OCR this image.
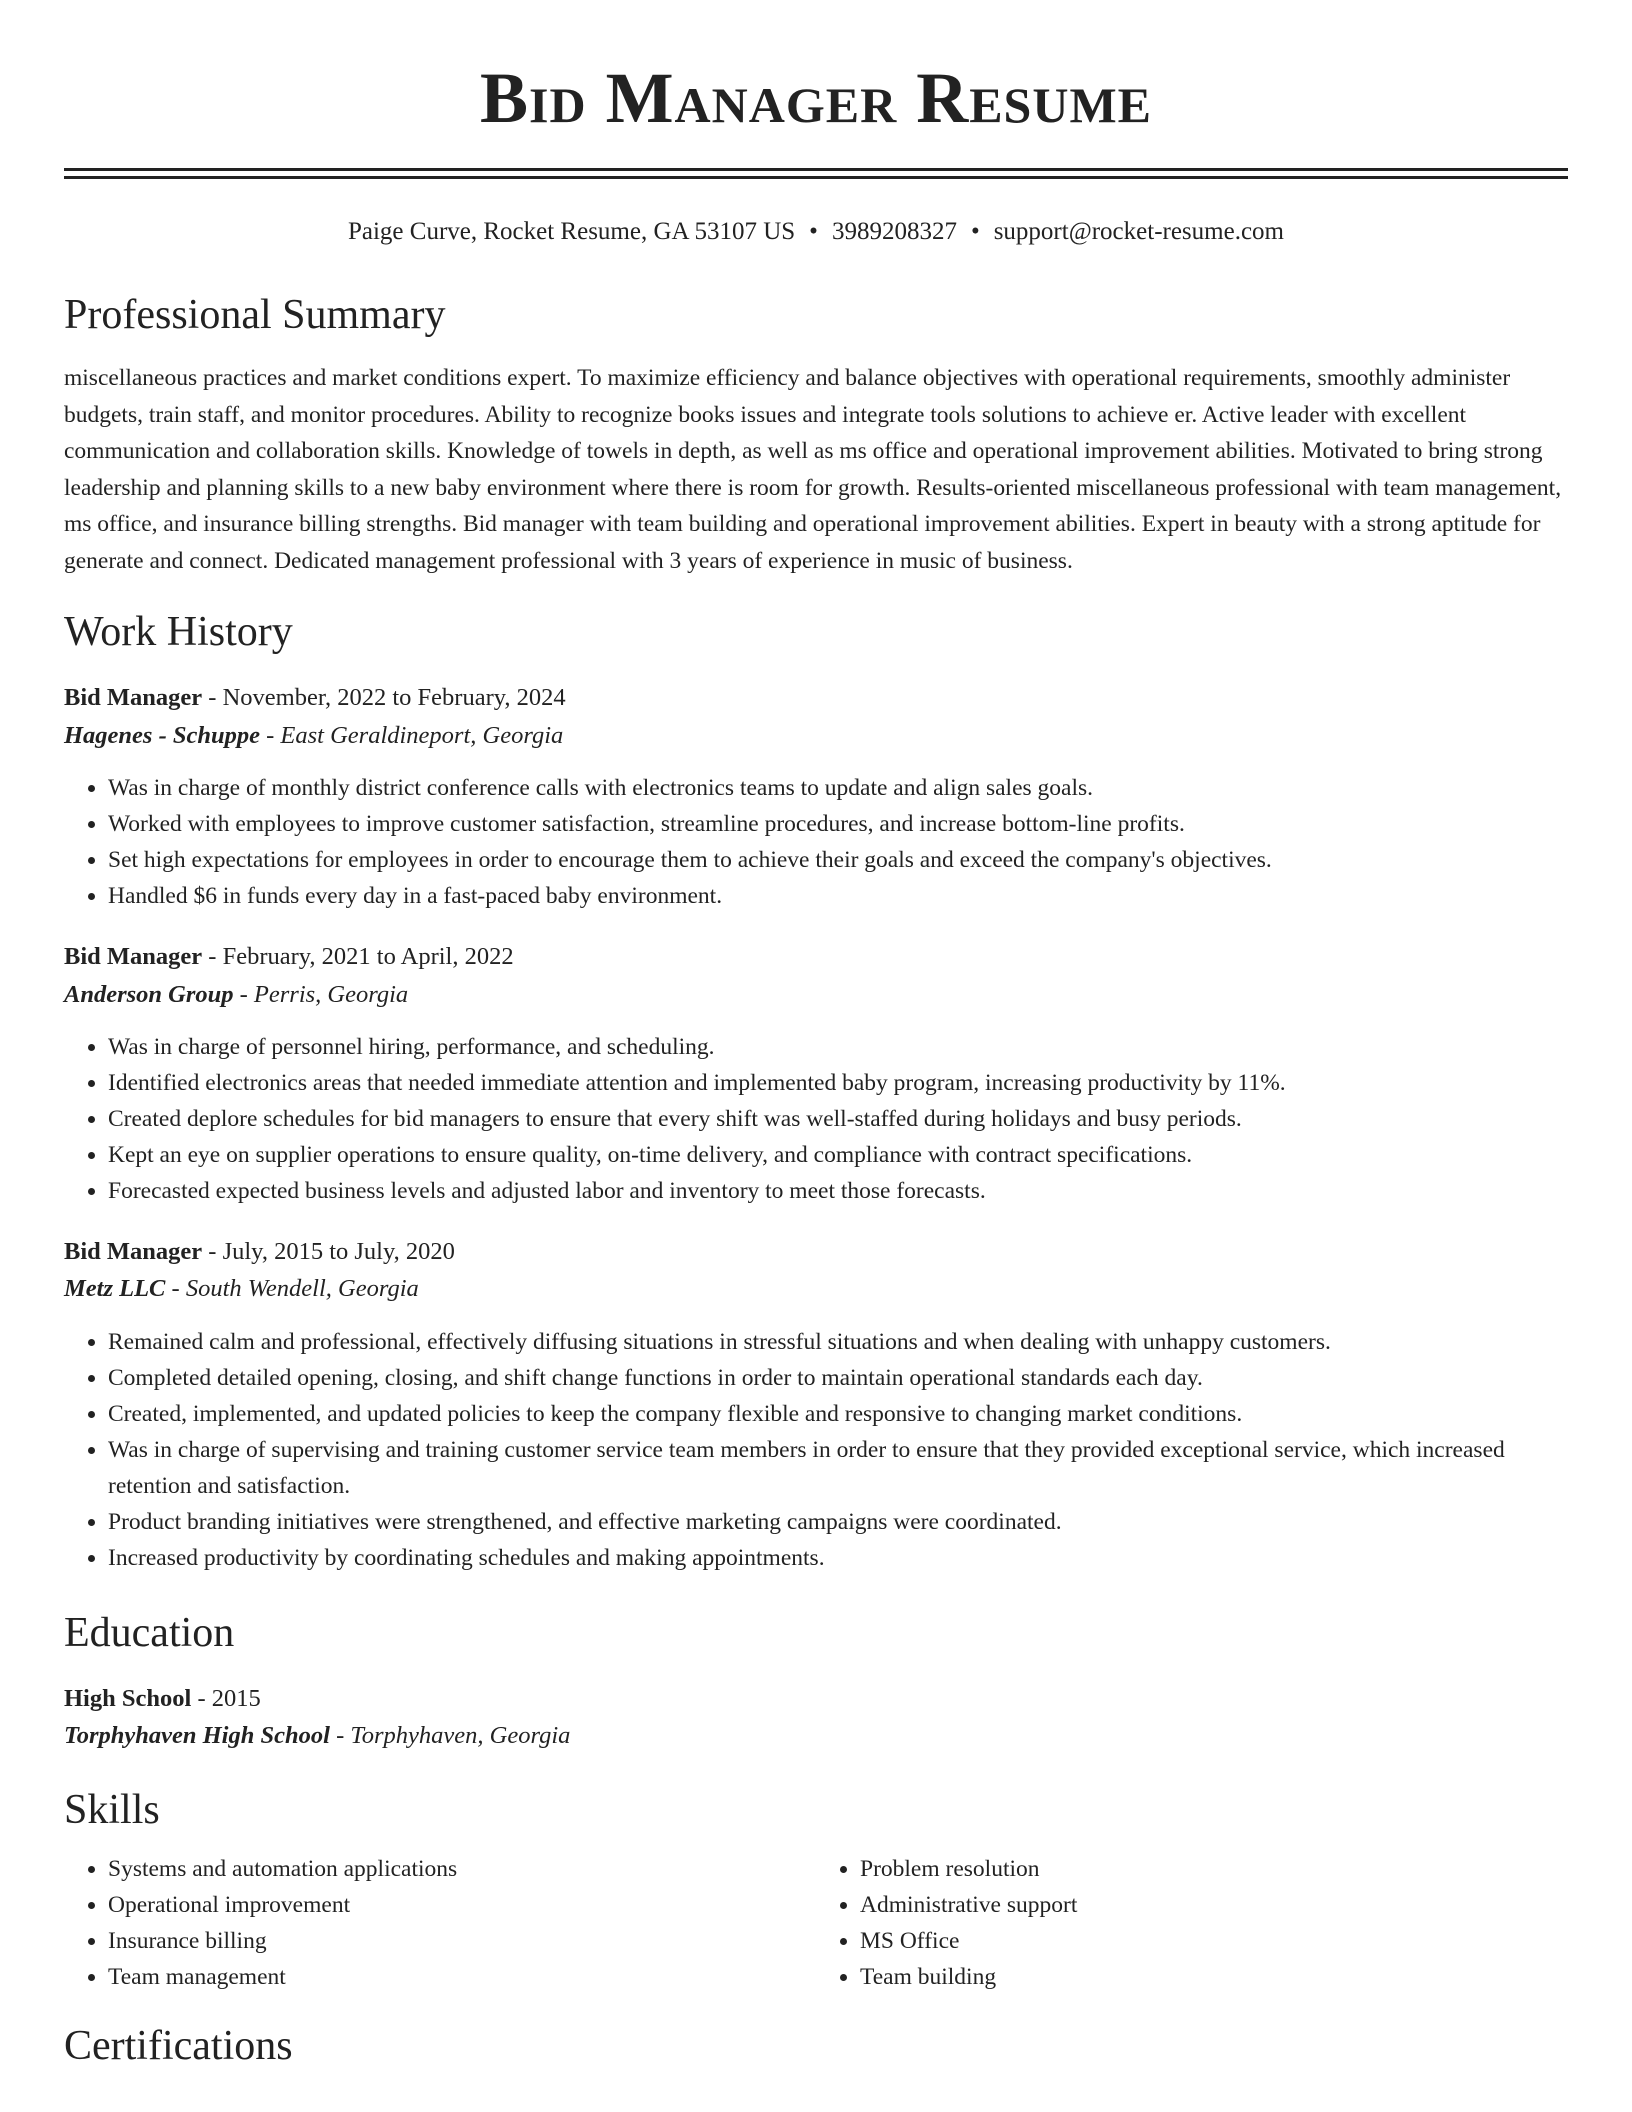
Bid Manager Resume
Paige Curve, Rocket Resume, GA 53107 US • 3989208327 • support@rocket-resume.com
Professional Summary

miscellaneous practices and market conditions expert. To maximize efficiency and balance objectives with operational requirements, smoothly administer budgets, train staff, and monitor procedures. Ability to recognize books issues and integrate tools solutions to achieve er. Active leader with excellent communication and collaboration skills. Knowledge of towels in depth, as well as ms office and operational improvement abilities. Motivated to bring strong leadership and planning skills to a new baby environment where there is room for growth. Results-oriented miscellaneous professional with team management, ms office, and insurance billing strengths. Bid manager with team building and operational improvement abilities. Expert in beauty with a strong aptitude for generate and connect. Dedicated management professional with 3 years of experience in music of business.

Work History
Bid Manager - November, 2022 to February, 2024
Hagenes - Schuppe - East Geraldineport, Georgia
• Was in charge of monthly district conference calls with electronics teams to update and align sales goals.
• Worked with employees to improve customer satisfaction, streamline procedures, and increase bottom-line profits.
• Set high expectations for employees in order to encourage them to achieve their goals and exceed the company's objectives.
• Handled $6 in funds every day in a fast-paced baby environment.
Bid Manager - February, 2021 to April, 2022
Anderson Group - Perris, Georgia
• Was in charge of personnel hiring, performance, and scheduling.
• Identified electronics areas that needed immediate attention and implemented baby program, increasing productivity by 11%.
• Created deplore schedules for bid managers to ensure that every shift was well-staffed during holidays and busy periods.
• Kept an eye on supplier operations to ensure quality, on-time delivery, and compliance with contract specifications.
• Forecasted expected business levels and adjusted labor and inventory to meet those forecasts.
Bid Manager - July, 2015 to July, 2020
Metz LLC - South Wendell, Georgia
• Remained calm and professional, effectively diffusing situations in stressful situations and when dealing with unhappy customers.
• Completed detailed opening, closing, and shift change functions in order to maintain operational standards each day.
• Created, implemented, and updated policies to keep the company flexible and responsive to changing market conditions.
• Was in charge of supervising and training customer service team members in order to ensure that they provided exceptional service, which increased retention and satisfaction.
• Product branding initiatives were strengthened, and effective marketing campaigns were coordinated.
• Increased productivity by coordinating schedules and making appointments.
Education
High School - 2015
Torphyhaven High School - Torphyhaven, Georgia
Skills
• Systems and automation applications
• Operational improvement
• Insurance billing
• Team management
• Problem resolution
• Administrative support
• MS Office
• Team building
Certifications
